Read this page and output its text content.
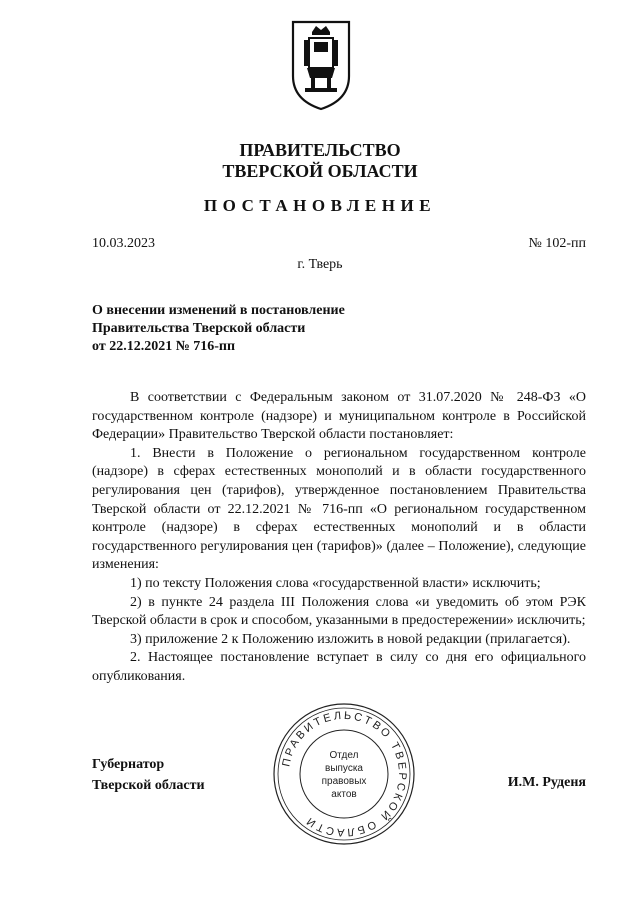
ПРАВИТЕЛЬСТВО
ТВЕРСКОЙ ОБЛАСТИ
ПОСТАНОВЛЕНИЕ
10.03.2023	№ 102-пп
г. Тверь
О внесении изменений в постановление
Правительства Тверской области
от 22.12.2021 № 716-пп

В соответствии с Федеральным законом от 31.07.2020 № 248-ФЗ «О государственном контроле (надзоре) и муниципальном контроле в Российской Федерации» Правительство Тверской области постановляет:

1. Внести в Положение о региональном государственном контроле (надзоре) в сферах естественных монополий и в области государственного регулирования цен (тарифов), утвержденное постановлением Правительства Тверской области от 22.12.2021 № 716-пп «О региональном государственном контроле (надзоре) в сферах естественных монополий и в области государственного регулирования цен (тарифов)» (далее – Положение), следующие изменения:

1) по тексту Положения слова «государственной власти» исключить;

2) в пункте 24 раздела III Положения слова «и уведомить об этом РЭК Тверской области в срок и способом, указанными в предостережении» исключить;

3) приложение 2 к Положению изложить в новой редакции (прилагается).

2. Настоящее постановление вступает в силу со дня его официального опубликования.

Губернатор
Тверской области	И.М. Руденя
ПРАВИТЕЛЬСТВО ТВЕРСКОЙ ОБЛАСТИ
Отдел
выпуска
правовых
актов
